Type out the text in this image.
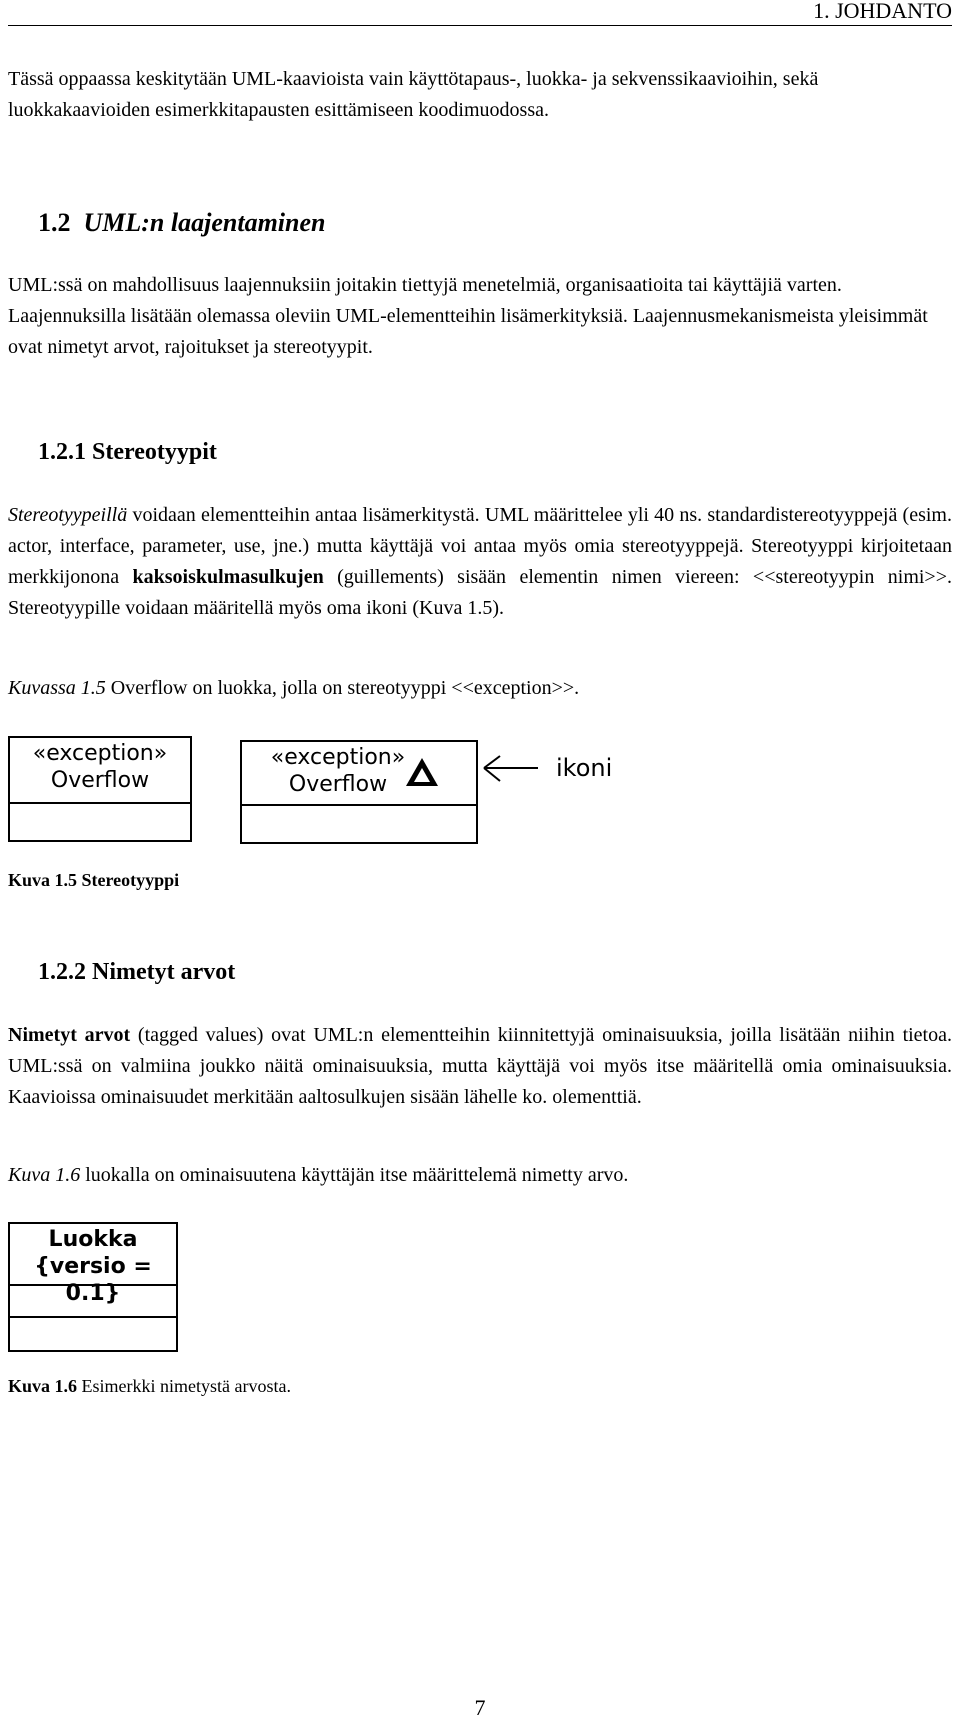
1. JOHDANTO

Tässä oppaassa keskitytään UML-kaavioista vain käyttötapaus-, luokka- ja sekvenssikaavioihin, sekä luokkakaavioiden esimerkkitapausten esittämiseen koodimuodossa.

1.2 UML:n laajentaminen

UML:ssä on mahdollisuus laajennuksiin joitakin tiettyjä menetelmiä, organisaatioita tai käyttäjiä varten. Laajennuksilla lisätään olemassa oleviin UML-elementteihin lisämerkityksiä. Laajennusmekanismeista yleisimmät ovat nimetyt arvot, rajoitukset ja stereotyypit.

1.2.1 Stereotyypit

Stereotyypeillä voidaan elementteihin antaa lisämerkitystä. UML määrittelee yli 40 ns. standardistereotyyppejä (esim. actor, interface, parameter, use, jne.) mutta käyttäjä voi antaa myös omia stereotyyppejä. Stereotyyppi kirjoitetaan merkkijonona kaksoiskulmasulkujen (guillements) sisään elementin nimen viereen: <<stereotyypin nimi>>. Stereotyypille voidaan määritellä myös oma ikoni (Kuva 1.5).

Kuvassa 1.5 Overflow on luokka, jolla on stereotyyppi <<exception>>.

«exception»
Overflow
«exception»
Overflow
ikoni

Kuva 1.5 Stereotyyppi

1.2.2 Nimetyt arvot

Nimetyt arvot (tagged values) ovat UML:n elementteihin kiinnitettyjä ominaisuuksia, joilla lisätään niihin tietoa. UML:ssä on valmiina joukko näitä ominaisuuksia, mutta käyttäjä voi myös itse määritellä omia ominaisuuksia. Kaavioissa ominaisuudet merkitään aaltosulkujen sisään lähelle ko. olementtiä.

Kuva 1.6 luokalla on ominaisuutena käyttäjän itse määrittelemä nimetty arvo.

Luokka
{versio = 0.1}

Kuva 1.6 Esimerkki nimetystä arvosta.

7
